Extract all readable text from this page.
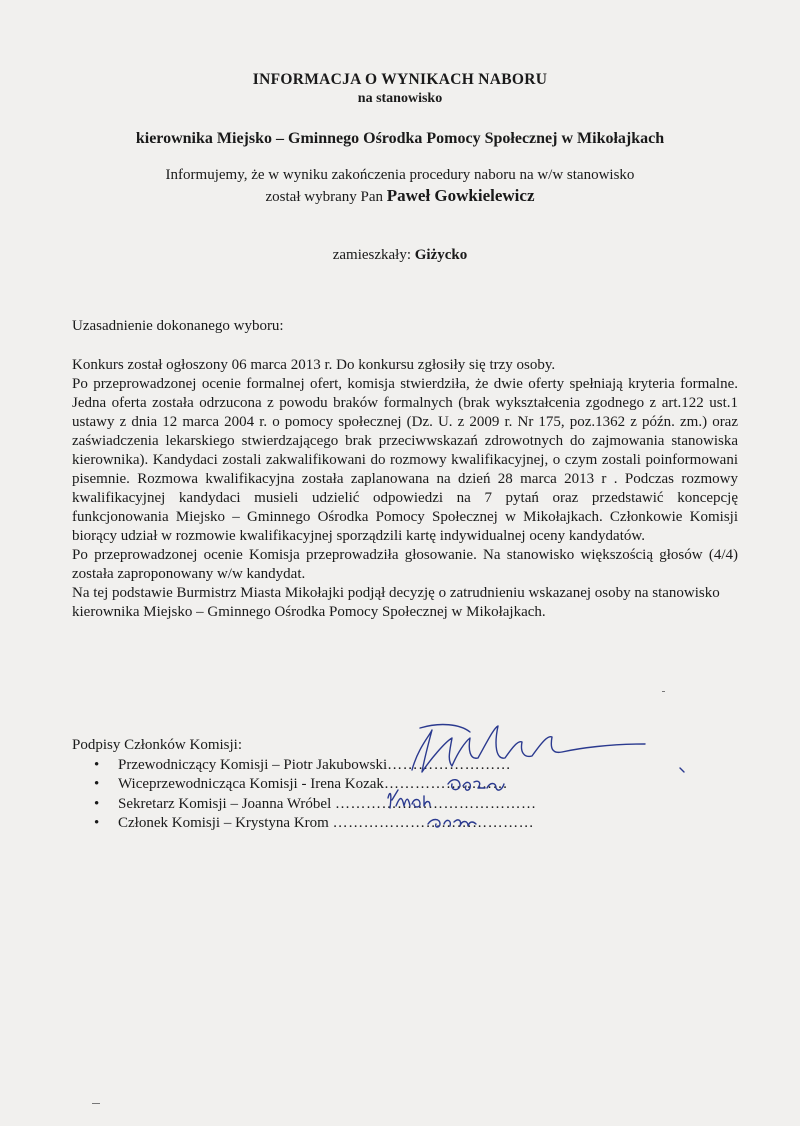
INFORMACJA O WYNIKACH NABORU
na stanowisko
kierownika Miejsko – Gminnego Ośrodka Pomocy Społecznej w Mikołajkach
Informujemy, że w wyniku zakończenia procedury naboru na w/w stanowisko
został wybrany Pan Paweł Gowkielewicz
zamieszkały: Giżycko
Uzasadnienie dokonanego wyboru:

Konkurs został ogłoszony 06 marca 2013 r. Do konkursu zgłosiły się trzy osoby.

Po przeprowadzonej ocenie formalnej ofert, komisja stwierdziła, że dwie oferty spełniają kryteria formalne. Jedna oferta została odrzucona z powodu braków formalnych (brak wykształcenia zgodnego z art.122 ust.1 ustawy z dnia 12 marca 2004 r. o pomocy społecznej (Dz. U. z 2009 r. Nr 175, poz.1362 z późn. zm.) oraz zaświadczenia lekarskiego stwierdzającego brak przeciwwskazań zdrowotnych do zajmowania stanowiska kierownika). Kandydaci zostali zakwalifikowani do rozmowy kwalifikacyjnej, o czym zostali poinformowani pisemnie. Rozmowa kwalifikacyjna została zaplanowana na dzień 28 marca 2013 r . Podczas rozmowy kwalifikacyjnej kandydaci musieli udzielić odpowiedzi na 7 pytań oraz przedstawić koncepcję funkcjonowania Miejsko – Gminnego Ośrodka Pomocy Społecznej w Mikołajkach. Członkowie Komisji biorący udział w rozmowie kwalifikacyjnej sporządzili kartę indywidualnej oceny kandydatów.

Po przeprowadzonej ocenie Komisja przeprowadziła głosowanie. Na stanowisko większością głosów (4/4) została zaproponowany w/w kandydat.

Na tej podstawie Burmistrz Miasta Mikołajki podjął decyzję o zatrudnieniu wskazanej osoby na stanowisko kierownika Miejsko – Gminnego Ośrodka Pomocy Społecznej w Mikołajkach.

Podpisy Członków Komisji:
• Przewodniczący Komisji – Piotr Jakubowski……………………
• Wiceprzewodnicząca Komisji - Irena Kozak……………………
• Sekretarz Komisji – Joanna Wróbel …………………………………
• Członek Komisji – Krystyna Krom …………………………………
